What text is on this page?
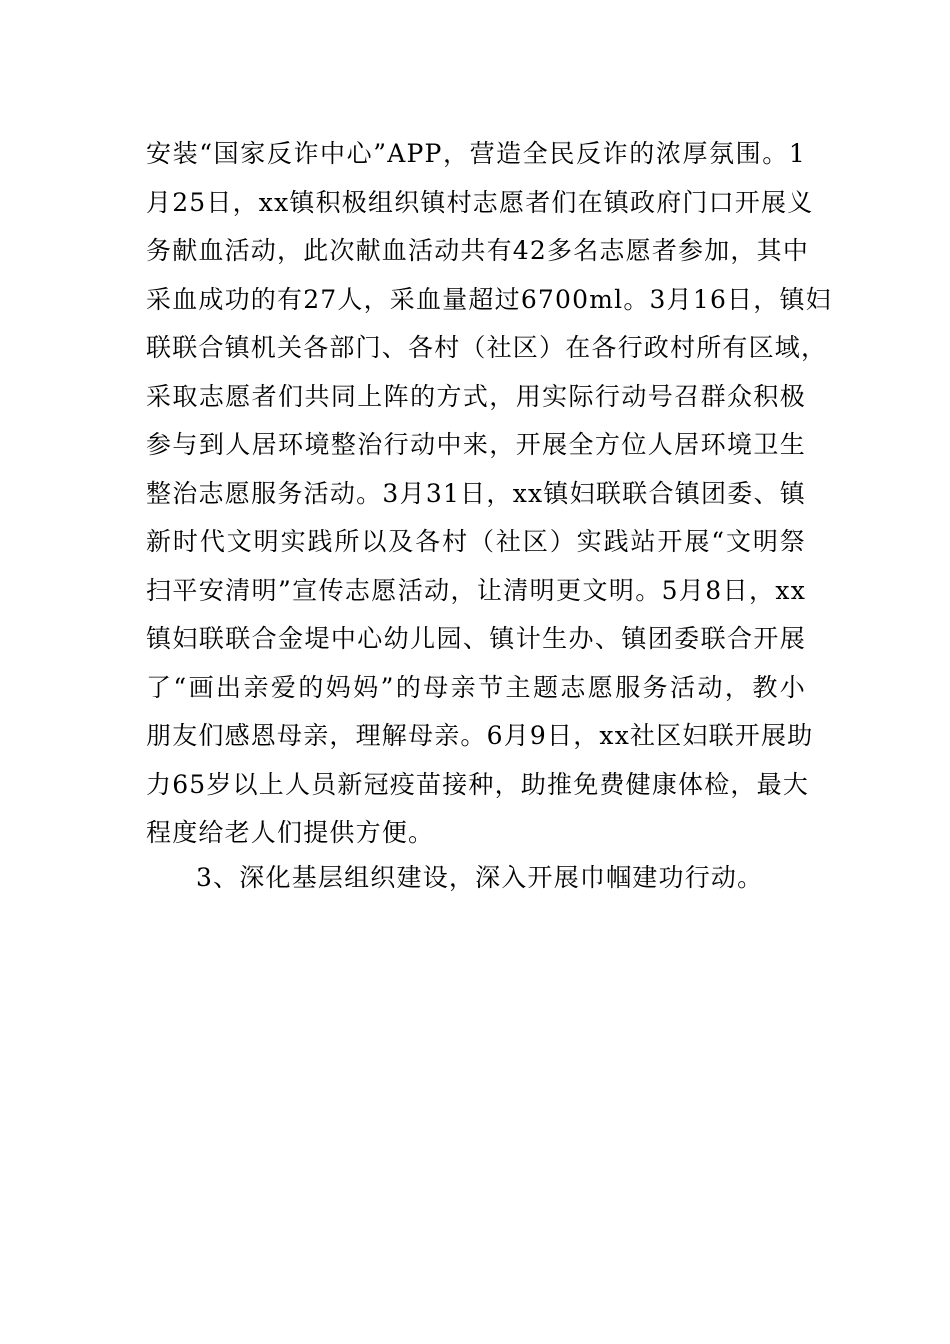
安装“国家反诈中心”APP，营造全民反诈的浓厚氛围。1
月25日，xx镇积极组织镇村志愿者们在镇政府门口开展义
务献血活动，此次献血活动共有42多名志愿者参加，其中
采血成功的有27人，采血量超过6700ml。3月16日，镇妇
联联合镇机关各部门、各村（社区）在各行政村所有区域，
采取志愿者们共同上阵的方式，用实际行动号召群众积极
参与到人居环境整治行动中来，开展全方位人居环境卫生
整治志愿服务活动。3月31日，xx镇妇联联合镇团委、镇
新时代文明实践所以及各村（社区）实践站开展“文明祭
扫平安清明”宣传志愿活动，让清明更文明。5月8日，xx
镇妇联联合金堤中心幼儿园、镇计生办、镇团委联合开展
了“画出亲爱的妈妈”的母亲节主题志愿服务活动，教小
朋友们感恩母亲，理解母亲。6月9日，xx社区妇联开展助
力65岁以上人员新冠疫苗接种，助推免费健康体检，最大
程度给老人们提供方便。
3、深化基层组织建设，深入开展巾帼建功行动。
